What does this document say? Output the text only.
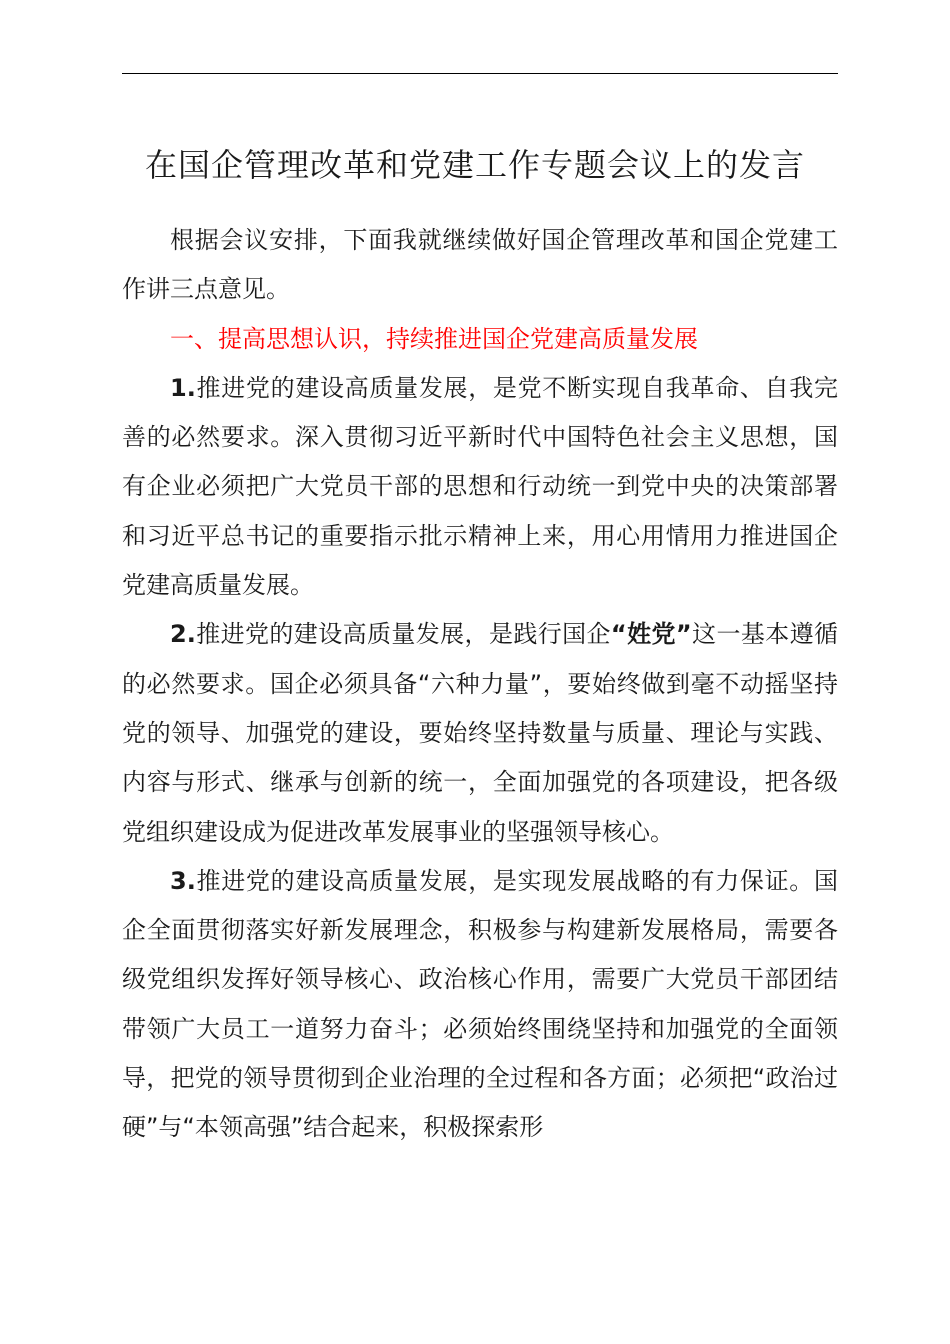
在国企管理改革和党建工作专题会议上的发言

根据会议安排，下面我就继续做好国企管理改革和国企党建工作讲三点意见。

一、提高思想认识，持续推进国企党建高质量发展

1.推进党的建设高质量发展，是党不断实现自我革命、自我完善的必然要求。深入贯彻习近平新时代中国特色社会主义思想，国有企业必须把广大党员干部的思想和行动统一到党中央的决策部署和习近平总书记的重要指示批示精神上来，用心用情用力推进国企党建高质量发展。

2.推进党的建设高质量发展，是践行国企“姓党”这一基本遵循的必然要求。国企必须具备“六种力量”，要始终做到毫不动摇坚持党的领导、加强党的建设，要始终坚持数量与质量、理论与实践、内容与形式、继承与创新的统一，全面加强党的各项建设，把各级党组织建设成为促进改革发展事业的坚强领导核心。

3.推进党的建设高质量发展，是实现发展战略的有力保证。国企全面贯彻落实好新发展理念，积极参与构建新发展格局，需要各级党组织发挥好领导核心、政治核心作用，需要广大党员干部团结带领广大员工一道努力奋斗；必须始终围绕坚持和加强党的全面领导，把党的领导贯彻到企业治理的全过程和各方面；必须把“政治过硬”与“本领高强”结合起来，积极探索形
